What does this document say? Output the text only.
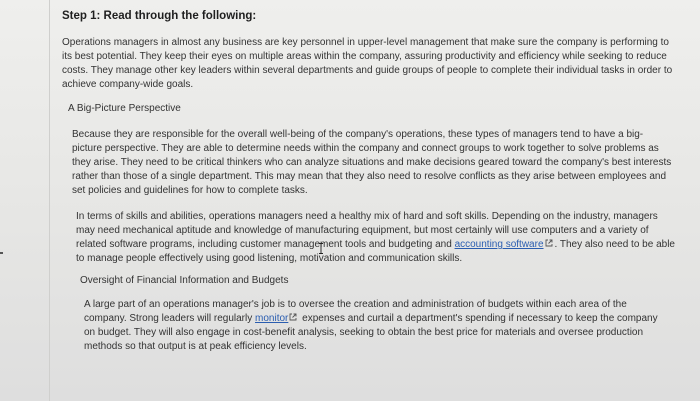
Step 1: Read through the following:

Operations managers in almost any business are key personnel in upper-level management that make sure the company is performing to its best potential. They keep their eyes on multiple areas within the company, assuring productivity and efficiency while seeking to reduce costs. They manage other key leaders within several departments and guide groups of people to complete their individual tasks in order to achieve company-wide goals.

A Big-Picture Perspective

Because they are responsible for the overall well-being of the company's operations, these types of managers tend to have a big-picture perspective. They are able to determine needs within the company and connect groups to work together to solve problems as they arise. They need to be critical thinkers who can analyze situations and make decisions geared toward the company's best interests rather than those of a single department. This may mean that they also need to resolve conflicts as they arise between employees and set policies and guidelines for how to complete tasks.

In terms of skills and abilities, operations managers need a healthy mix of hard and soft skills. Depending on the industry, managers may need mechanical aptitude and knowledge of manufacturing equipment, but most certainly will use computers and a variety of related software programs, including customer management tools and budgeting and accounting software . They also need to be able to manage people effectively using good listening, motivation and communication skills.

Oversight of Financial Information and Budgets

A large part of an operations manager's job is to oversee the creation and administration of budgets within each area of the company. Strong leaders will regularly monitor expenses and curtail a department's spending if necessary to keep the company on budget. They will also engage in cost-benefit analysis, seeking to obtain the best price for materials and oversee production methods so that output is at peak efficiency levels.
